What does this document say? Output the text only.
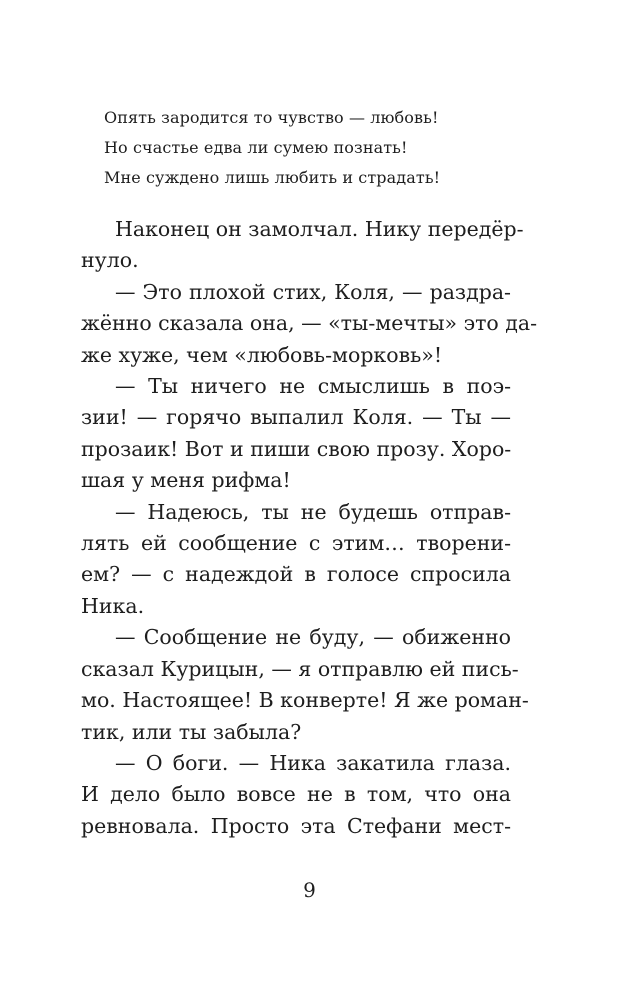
Опять зародится то чувство — любовь!
Но счастье едва ли сумею познать!
Мне суждено лишь любить и страдать!
Наконец он замолчал. Нику передёр-
нуло.
— Это плохой стих, Коля, — раздра-
жённо сказала она, — «ты-мечты» это да-
же хуже, чем «любовь-морковь»!
— Ты ничего не смыслишь в поэ-
зии! — горячо выпалил Коля. — Ты —
прозаик! Вот и пиши свою прозу. Хоро-
шая у меня рифма!
— Надеюсь, ты не будешь отправ-
лять ей сообщение с этим… творени-
ем? — с надеждой в голосе спросила
Ника.
— Сообщение не буду, — обиженно
сказал Курицын, — я отправлю ей пись-
мо. Настоящее! В конверте! Я же роман-
тик, или ты забыла?
— О боги. — Ника закатила глаза.
И дело было вовсе не в том, что она
ревновала. Просто эта Стефани мест-
9
